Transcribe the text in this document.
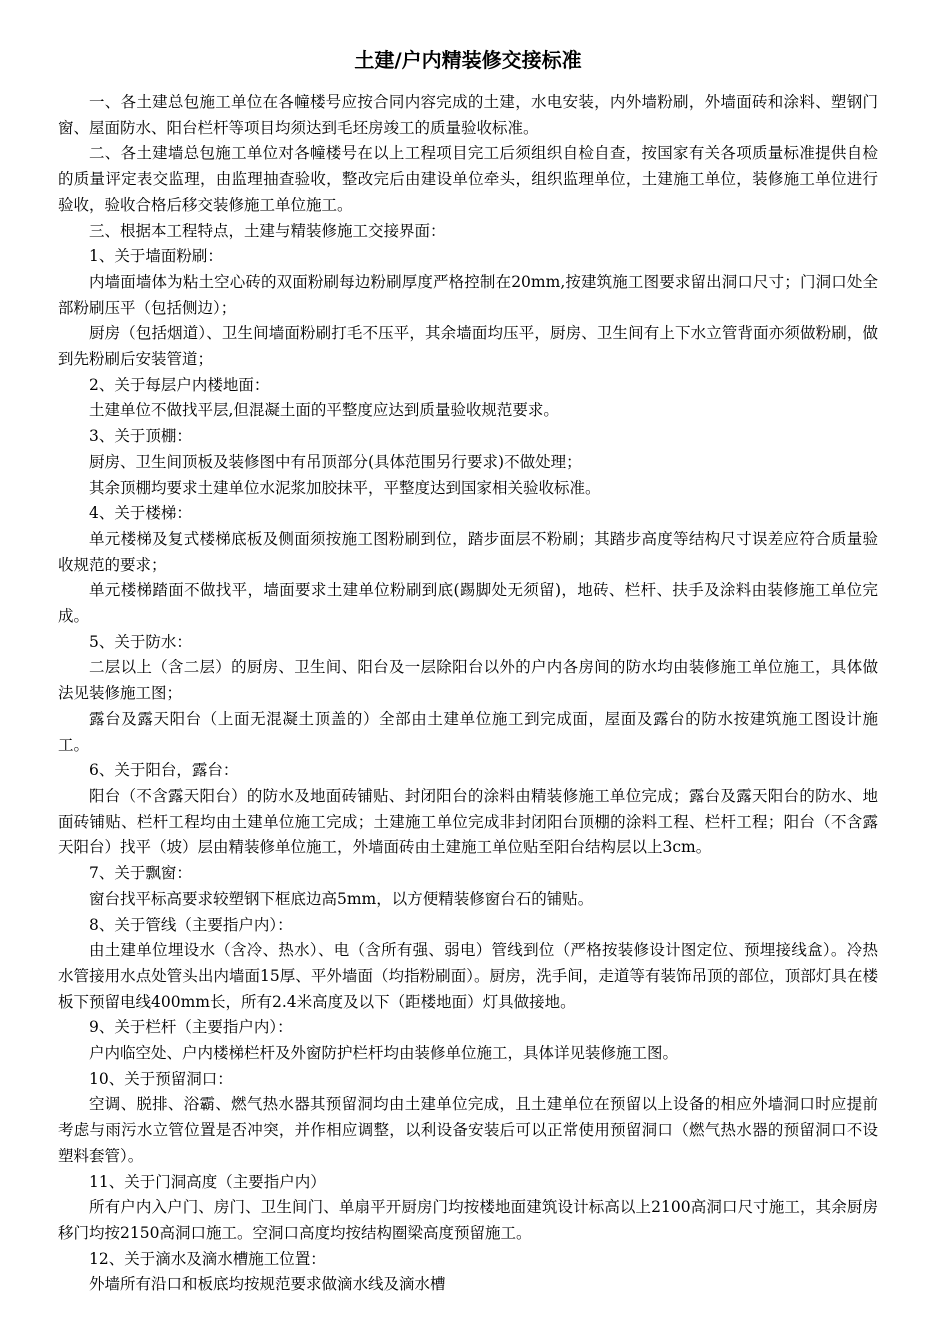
土建/户内精装修交接标准

一、各土建总包施工单位在各幢楼号应按合同内容完成的土建，水电安装，内外墙粉刷，外墙面砖和涂料、塑钢门窗、屋面防水、阳台栏杆等项目均须达到毛坯房竣工的质量验收标准。

二、各土建墙总包施工单位对各幢楼号在以上工程项目完工后须组织自检自查，按国家有关各项质量标准提供自检的质量评定表交监理，由监理抽查验收，整改完后由建设单位牵头，组织监理单位，土建施工单位，装修施工单位进行验收，验收合格后移交装修施工单位施工。

三、根据本工程特点，土建与精装修施工交接界面：

1、关于墙面粉刷：

内墙面墙体为粘土空心砖的双面粉刷每边粉刷厚度严格控制在20mm,按建筑施工图要求留出洞口尺寸；门洞口处全部粉刷压平（包括侧边）；

厨房（包括烟道）、卫生间墙面粉刷打毛不压平，其余墙面均压平，厨房、卫生间有上下水立管背面亦须做粉刷，做到先粉刷后安装管道；

2、关于每层户内楼地面：

土建单位不做找平层,但混凝土面的平整度应达到质量验收规范要求。

3、关于顶棚：

厨房、卫生间顶板及装修图中有吊顶部分(具体范围另行要求)不做处理；

其余顶棚均要求土建单位水泥浆加胶抹平，平整度达到国家相关验收标准。

4、关于楼梯：

单元楼梯及复式楼梯底板及侧面须按施工图粉刷到位，踏步面层不粉刷；其踏步高度等结构尺寸误差应符合质量验收规范的要求；

单元楼梯踏面不做找平，墙面要求土建单位粉刷到底(踢脚处无须留)，地砖、栏杆、扶手及涂料由装修施工单位完成。

5、关于防水：

二层以上（含二层）的厨房、卫生间、阳台及一层除阳台以外的户内各房间的防水均由装修施工单位施工，具体做法见装修施工图；

露台及露天阳台（上面无混凝土顶盖的）全部由土建单位施工到完成面，屋面及露台的防水按建筑施工图设计施工。

6、关于阳台，露台：

阳台（不含露天阳台）的防水及地面砖铺贴、封闭阳台的涂料由精装修施工单位完成；露台及露天阳台的防水、地面砖铺贴、栏杆工程均由土建单位施工完成；土建施工单位完成非封闭阳台顶棚的涂料工程、栏杆工程；阳台（不含露天阳台）找平（坡）层由精装修单位施工，外墙面砖由土建施工单位贴至阳台结构层以上3cm。

7、关于飘窗：

窗台找平标高要求较塑钢下框底边高5mm，以方便精装修窗台石的铺贴。

8、关于管线（主要指户内）：

由土建单位埋设水（含冷、热水）、电（含所有强、弱电）管线到位（严格按装修设计图定位、预埋接线盒）。冷热水管接用水点处管头出内墙面15厚、平外墙面（均指粉刷面）。厨房，洗手间，走道等有装饰吊顶的部位，顶部灯具在楼板下预留电线400mm长，所有2.4米高度及以下（距楼地面）灯具做接地。

9、关于栏杆（主要指户内）：

户内临空处、户内楼梯栏杆及外窗防护栏杆均由装修单位施工，具体详见装修施工图。

10、关于预留洞口：

空调、脱排、浴霸、燃气热水器其预留洞均由土建单位完成，且土建单位在预留以上设备的相应外墙洞口时应提前考虑与雨污水立管位置是否冲突，并作相应调整，以利设备安装后可以正常使用预留洞口（燃气热水器的预留洞口不设塑料套管）。

11、关于门洞高度（主要指户内）

所有户内入户门、房门、卫生间门、单扇平开厨房门均按楼地面建筑设计标高以上2100高洞口尺寸施工，其余厨房移门均按2150高洞口施工。空洞口高度均按结构圈梁高度预留施工。

12、关于滴水及滴水槽施工位置：

外墙所有沿口和板底均按规范要求做滴水线及滴水槽
